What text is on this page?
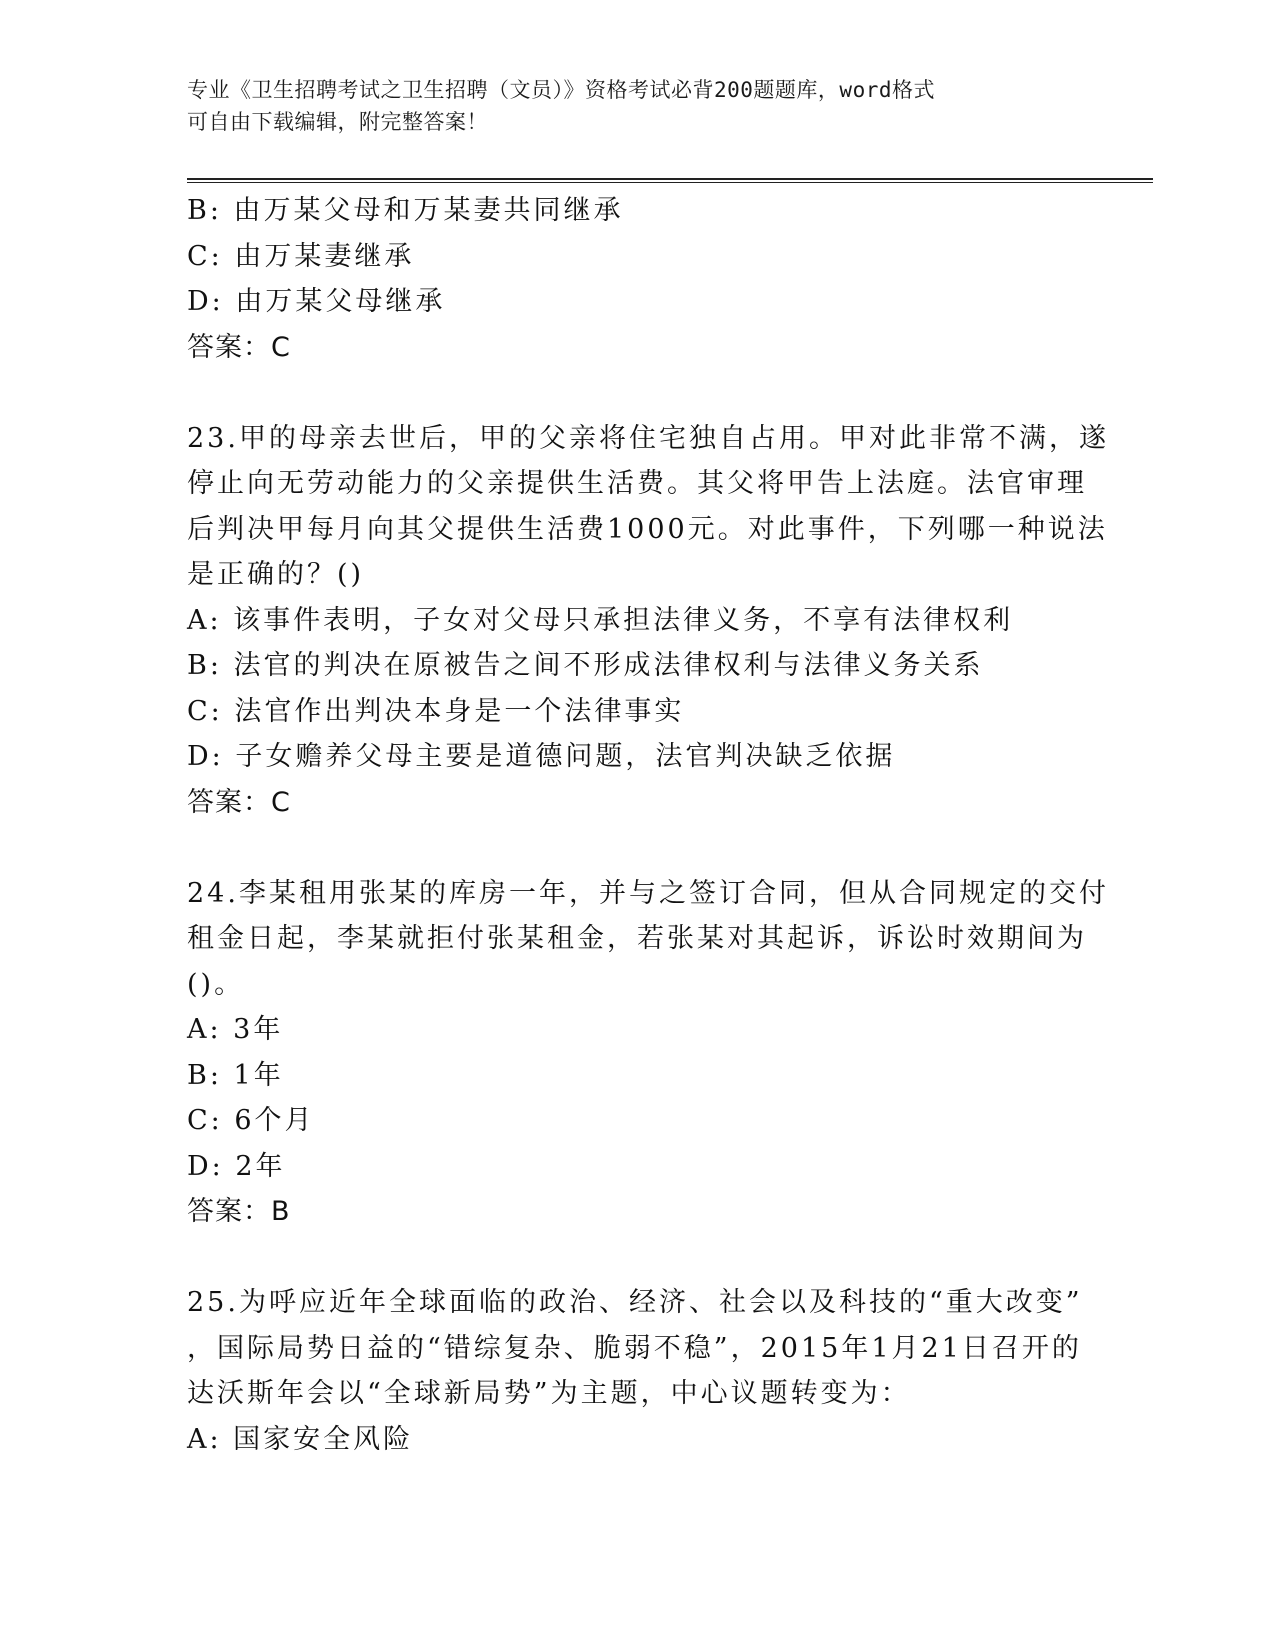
专业《卫生招聘考试之卫生招聘（文员）》资格考试必背200题题库，word格式
可自由下载编辑，附完整答案！
B: 由万某父母和万某妻共同继承
C: 由万某妻继承
D: 由万某父母继承
答案：C
23.甲的母亲去世后，甲的父亲将住宅独自占用。甲对此非常不满，遂
停止向无劳动能力的父亲提供生活费。其父将甲告上法庭。法官审理
后判决甲每月向其父提供生活费1000元。对此事件，下列哪一种说法
是正确的？()
A: 该事件表明，子女对父母只承担法律义务，不享有法律权利
B: 法官的判决在原被告之间不形成法律权利与法律义务关系
C: 法官作出判决本身是一个法律事实
D: 子女赡养父母主要是道德问题，法官判决缺乏依据
答案：C
24.李某租用张某的库房一年，并与之签订合同，但从合同规定的交付
租金日起，李某就拒付张某租金，若张某对其起诉，诉讼时效期间为
()。
A: 3年
B: 1年
C: 6个月
D: 2年
答案：B
25.为呼应近年全球面临的政治、经济、社会以及科技的“重大改变”
，国际局势日益的“错综复杂、脆弱不稳”，2015年1月21日召开的
达沃斯年会以“全球新局势”为主题，中心议题转变为：
A: 国家安全风险
